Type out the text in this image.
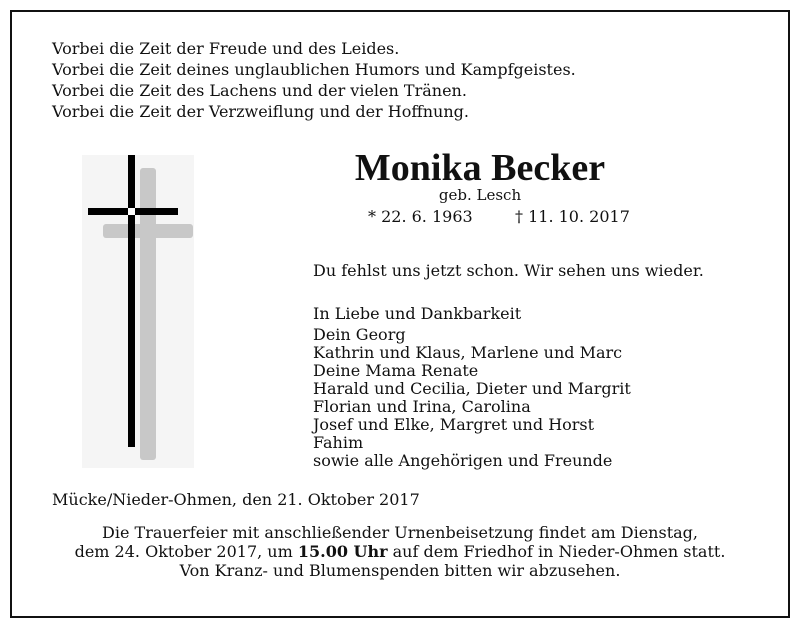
Vorbei die Zeit der Freude und des Leides.
Vorbei die Zeit deines unglaublichen Humors und Kampfgeistes.
Vorbei die Zeit des Lachens und der vielen Tränen.
Vorbei die Zeit der Verzweiflung und der Hoffnung.
Monika Becker
geb. Lesch
* 22. 6. 1963	† 11. 10. 2017
Du fehlst uns jetzt schon. Wir sehen uns wieder.
In Liebe und Dankbarkeit
Dein Georg
Kathrin und Klaus, Marlene und Marc
Deine Mama Renate
Harald und Cecilia, Dieter und Margrit
Florian und Irina, Carolina
Josef und Elke, Margret und Horst
Fahim
sowie alle Angehörigen und Freunde
Mücke/Nieder-Ohmen, den 21. Oktober 2017
Die Trauerfeier mit anschließender Urnenbeisetzung findet am Dienstag,
dem 24. Oktober 2017, um 15.00 Uhr auf dem Friedhof in Nieder-Ohmen statt.
Von Kranz- und Blumenspenden bitten wir abzusehen.
